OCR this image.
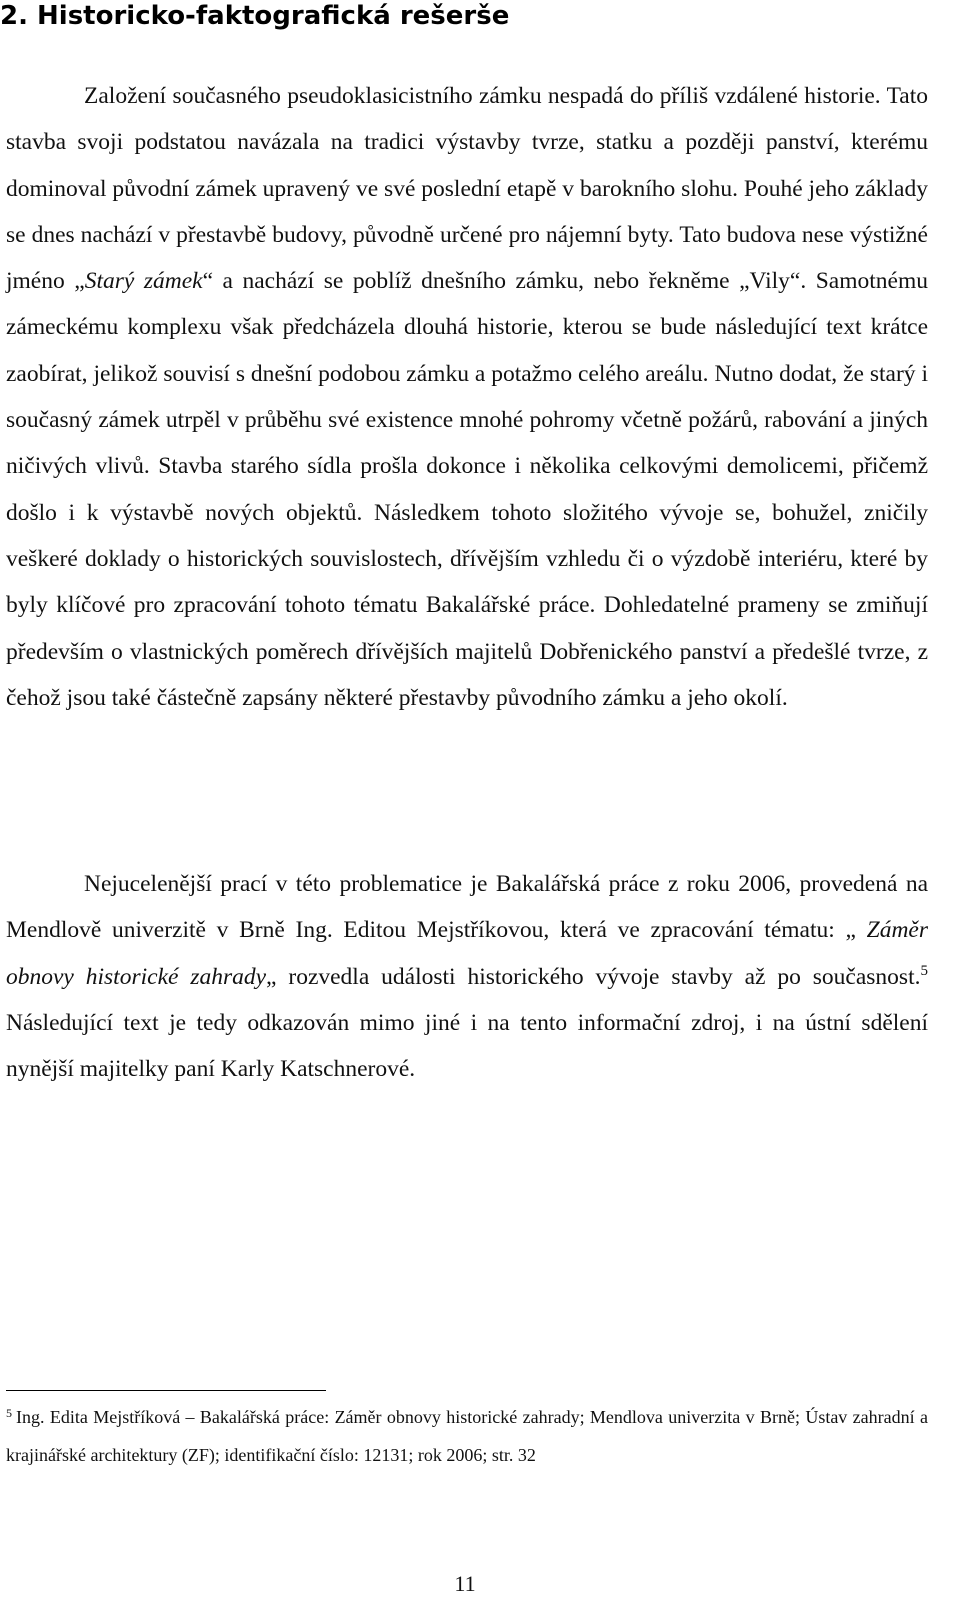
2. Historicko-faktografická rešerše

Založení současného pseudoklasicistního zámku nespadá do příliš vzdálené historie. Tato stavba svoji podstatou navázala na tradici výstavby tvrze, statku a později panství, kterému dominoval původní zámek upravený ve své poslední etapě v barokního slohu. Pouhé jeho základy se dnes nachází v přestavbě budovy, původně určené pro nájemní byty. Tato budova nese výstižné jméno „Starý zámek“ a nachází se poblíž dnešního zámku, nebo řekněme „Vily“. Samotnému zámeckému komplexu však předcházela dlouhá historie, kterou se bude následující text krátce zaobírat, jelikož souvisí s dnešní podobou zámku a potažmo celého areálu. Nutno dodat, že starý i současný zámek utrpěl v průběhu své existence mnohé pohromy včetně požárů, rabování a jiných ničivých vlivů. Stavba starého sídla prošla dokonce i několika celkovými demolicemi, přičemž došlo i k výstavbě nových objektů. Následkem tohoto složitého vývoje se, bohužel, zničily veškeré doklady o historických souvislostech, dřívějším vzhledu či o výzdobě interiéru, které by byly klíčové pro zpracování tohoto tématu Bakalářské práce. Dohledatelné prameny se zmiňují především o vlastnických poměrech dřívějších majitelů Dobřenického panství a předešlé tvrze, z čehož jsou také částečně zapsány některé přestavby původního zámku a jeho okolí.

Nejucelenější prací v této problematice je Bakalářská práce z roku 2006, provedená na Mendlově univerzitě v Brně Ing. Editou Mejstříkovou, která ve zpracování tématu: „ Záměr obnovy historické zahrady„ rozvedla události historického vývoje stavby až po současnost.$^5$ Následující text je tedy odkazován mimo jiné i na tento informační zdroj, i na ústní sdělení nynější majitelky paní Karly Katschnerové.

$^5$ Ing. Edita Mejstříková – Bakalářská práce: Záměr obnovy historické zahrady; Mendlova univerzita v Brně; Ústav zahradní a krajinářské architektury (ZF); identifikační číslo: 12131; rok 2006; str. 32
11
